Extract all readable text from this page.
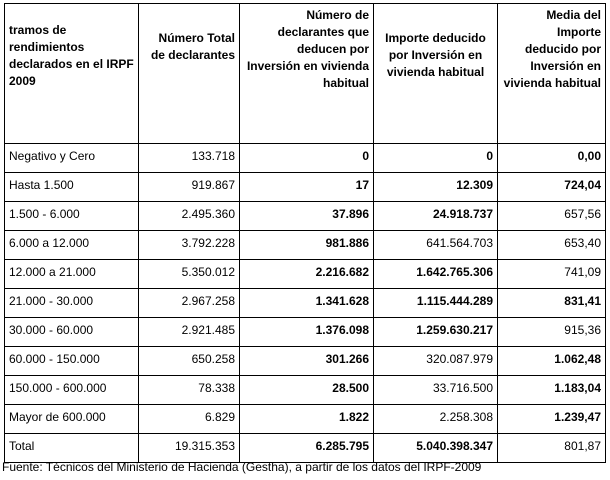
tramos de rendimientos declarados en el IRPF 2009	Número Total de declarantes	Número de declarantes que deducen por Inversión en vivienda habitual	Importe deducido por Inversión en vivienda habitual	Media del Importe deducido por Inversión en vivienda habitual
Negativo y Cero	133.718	0	0	0,00
Hasta 1.500	919.867	17	12.309	724,04
1.500 - 6.000	2.495.360	37.896	24.918.737	657,56
6.000 a 12.000	3.792.228	981.886	641.564.703	653,40
12.000 a 21.000	5.350.012	2.216.682	1.642.765.306	741,09
21.000 - 30.000	2.967.258	1.341.628	1.115.444.289	831,41
30.000 - 60.000	2.921.485	1.376.098	1.259.630.217	915,36
60.000 - 150.000	650.258	301.266	320.087.979	1.062,48
150.000 - 600.000	78.338	28.500	33.716.500	1.183,04
Mayor de 600.000	6.829	1.822	2.258.308	1.239,47
Total	19.315.353	6.285.795	5.040.398.347	801,87
Fuente: Técnicos del Ministerio de Hacienda (Gestha), a partir de los datos del IRPF-2009
